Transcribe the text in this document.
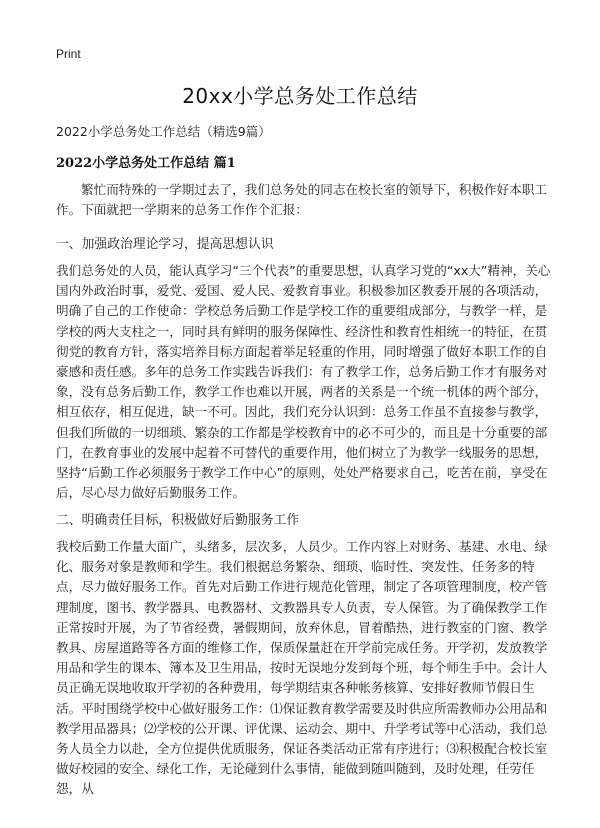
Print
20xx小学总务处工作总结
2022小学总务处工作总结（精选9篇）
2022小学总务处工作总结 篇1

繁忙而特殊的一学期过去了，我们总务处的同志在校长室的领导下，积极作好本职工作。下面就把一学期来的总务工作作个汇报：

一、加强政治理论学习，提高思想认识

我们总务处的人员，能认真学习“三个代表”的重要思想，认真学习党的“xx大”精神，关心国内外政治时事，爱党、爱国、爱人民、爱教育事业。积极参加区教委开展的各项活动，明确了自己的工作使命：学校总务后勤工作是学校工作的重要组成部分，与教学一样，是学校的两大支柱之一，同时具有鲜明的服务保障性、经济性和教育性相统一的特征，在贯彻党的教育方针，落实培养目标方面起着举足轻重的作用，同时增强了做好本职工作的自豪感和责任感。多年的总务工作实践告诉我们：有了教学工作，总务后勤工作才有服务对象，没有总务后勤工作，教学工作也难以开展，两者的关系是一个统一机体的两个部分，相互依存，相互促进，缺一不可。因此，我们充分认识到：总务工作虽不直接参与教学，但我们所做的一切细琐、繁杂的工作都是学校教育中的必不可少的，而且是十分重要的部门，在教育事业的发展中起着不可替代的重要作用，他们树立了为教学一线服务的思想，坚持“后勤工作必须服务于教学工作中心”的原则，处处严格要求自己，吃苦在前，享受在后，尽心尽力做好后勤服务工作。

二、明确责任目标，积极做好后勤服务工作

我校后勤工作量大面广，头绪多，层次多，人员少。工作内容上对财务、基建、水电、绿化、服务对象是教师和学生。我们根据总务繁杂、细琐、临时性、突发性、任务多的特点，尽力做好服务工作。首先对后勤工作进行规范化管理，制定了各项管理制度，校产管理制度，图书、教学器具、电教器材、文教器具专人负责，专人保管。为了确保教学工作正常按时开展，为了节省经费，暑假期间，放弃休息，冒着酷热，进行教室的门窗、教学教具、房屋道路等各方面的维修工作，保质保量赶在开学前完成任务。开学初，发放教学用品和学生的课本、簿本及卫生用品，按时无误地分发到每个班，每个师生手中。会计人员正确无误地收取开学初的各种费用，每学期结束各种帐务核算、安排好教师节假日生活。平时围绕学校中心做好服务工作：⑴保证教育教学需要及时供应所需教师办公用品和教学用品器具；⑵学校的公开课、评优课、运动会、期中、升学考试等中心活动，我们总务人员全力以赴，全方位提供优质服务，保证各类活动正常有序进行；⑶积极配合校长室做好校园的安全、绿化工作，无论碰到什么事情，能做到随叫随到，及时处理，任劳任怨，从
